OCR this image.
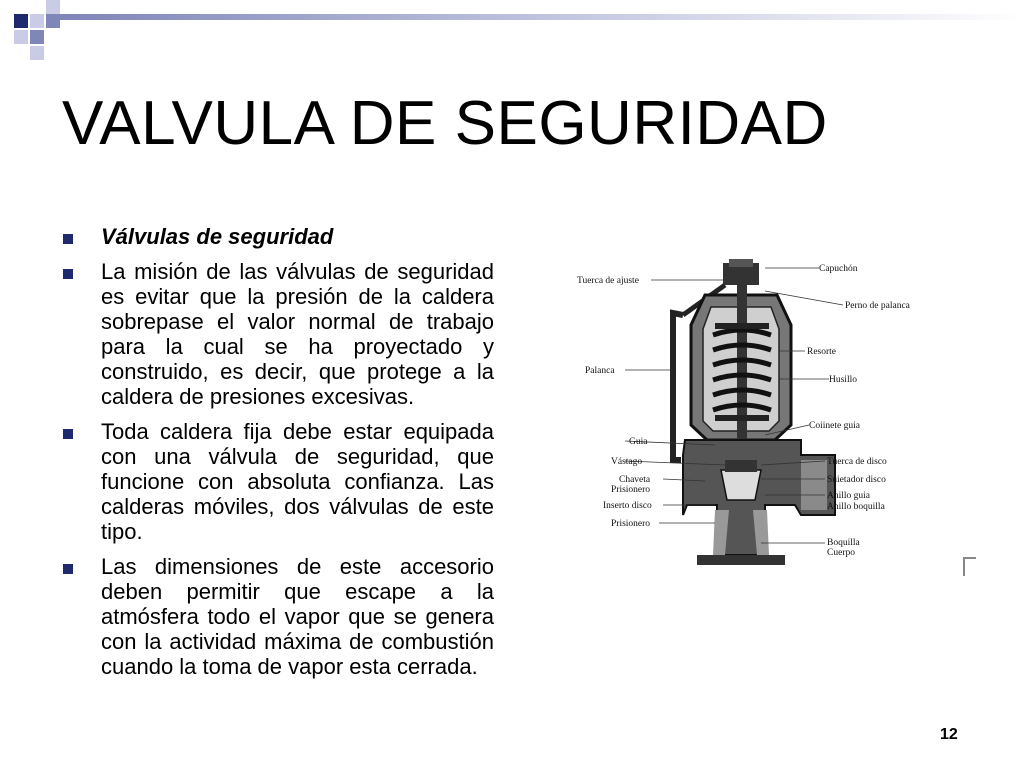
VALVULA DE SEGURIDAD
Válvulas de seguridad
La misión de las válvulas de seguridad es evitar que la presión de la caldera sobrepase el valor normal de trabajo para la cual se ha proyectado y construido, es decir, que protege a la caldera de presiones excesivas.
Toda caldera fija debe estar equipada con una válvula de seguridad, que funcione con absoluta confianza. Las calderas móviles, dos válvulas de este tipo.
Las dimensiones de este accesorio deben permitir que escape a la atmósfera todo el vapor que se genera con la actividad máxima de combustión cuando la toma de vapor esta cerrada.
Tuerca de ajuste
Palanca
Guia
Vástago
Chaveta
Prisionero
Inserto disco
Prisionero
Capuchón
Perno de palanca
Resorte
Husillo
Coiinete guia
Tuerca de disco
Suietador disco
Anillo guia
Anillo boquilla
Boquilla
Cuerpo
12
